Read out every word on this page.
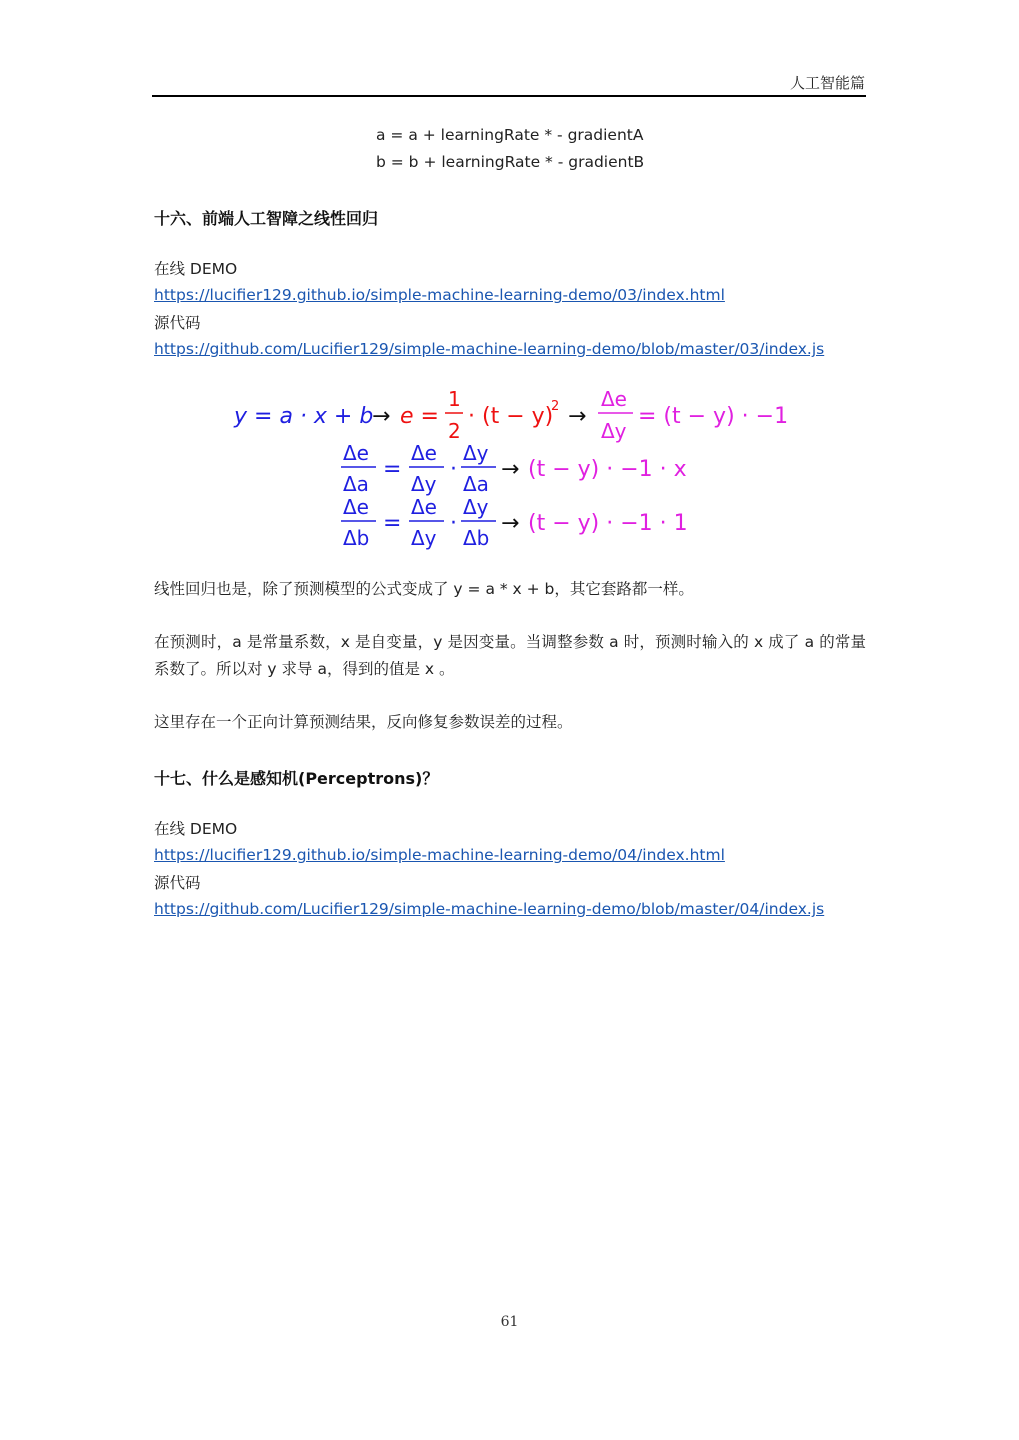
人工智能篇
a = a + learningRate * - gradientA
b = b + learningRate * - gradientB
十六、前端人工智障之线性回归
在线 DEMO
https://lucifier129.github.io/simple-machine-learning-demo/03/index.html
源代码
https://github.com/Lucifier129/simple-machine-learning-demo/blob/master/03/index.js
y = a · x + b
→ e =
1
2
· (t − y)
2 →
Δe
Δy
= (t − y) · −1
Δe
Δa
=
Δe
Δy
·
Δy
Δa
→ (t − y) · −1 · x
Δe
Δb
=
Δe
Δy
·
Δy
Δb
→ (t − y) · −1 · 1
线性回归也是，除了预测模型的公式变成了 y = a * x + b，其它套路都一样。
在预测时，a 是常量系数，x 是自变量，y 是因变量。当调整参数 a 时，预测时输入的 x 成了 a 的常量系数了。所以对 y 求导 a，得到的值是 x 。
这里存在一个正向计算预测结果，反向修复参数误差的过程。
十七、什么是感知机(Perceptrons)？
在线 DEMO
https://lucifier129.github.io/simple-machine-learning-demo/04/index.html
源代码
https://github.com/Lucifier129/simple-machine-learning-demo/blob/master/04/index.js
61
